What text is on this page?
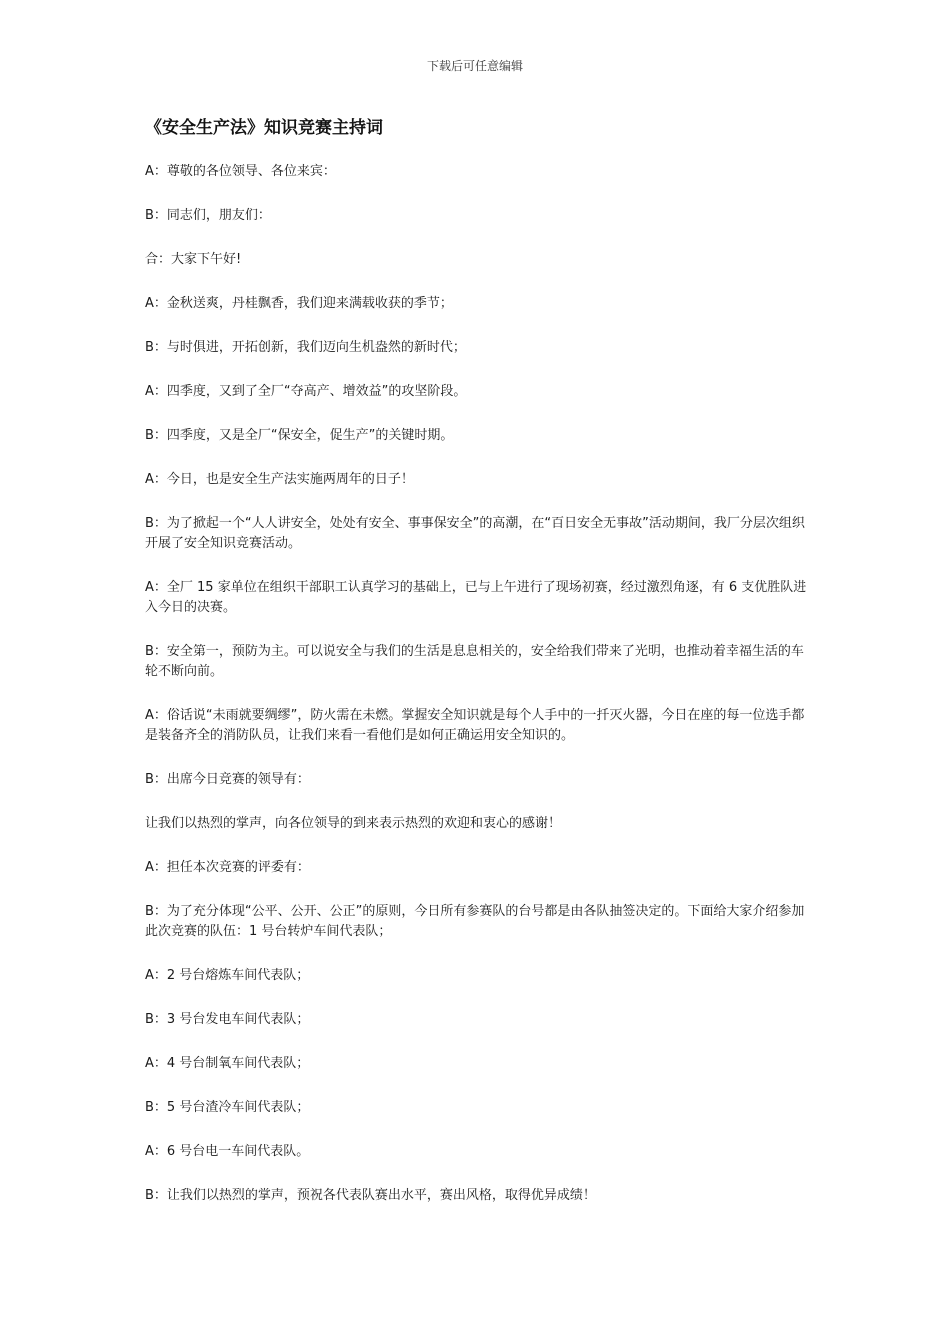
下载后可任意编辑
《安全生产法》知识竞赛主持词

A：尊敬的各位领导、各位来宾：

B：同志们，朋友们：

合：大家下午好!

A：金秋送爽，丹桂飘香，我们迎来满载收获的季节；

B：与时俱进，开拓创新，我们迈向生机盎然的新时代；

A：四季度，又到了全厂“夺高产、增效益”的攻坚阶段。

B：四季度，又是全厂“保安全，促生产”的关键时期。

A：今日，也是安全生产法实施两周年的日子！

B：为了掀起一个“人人讲安全，处处有安全、事事保安全”的高潮，在“百日安全无事故”活动期间，我厂分层次组织开展了安全知识竞赛活动。

A：全厂 15 家单位在组织干部职工认真学习的基础上，已与上午进行了现场初赛，经过激烈角逐，有 6 支优胜队进入今日的决赛。

B：安全第一，预防为主。可以说安全与我们的生活是息息相关的，安全给我们带来了光明，也推动着幸福生活的车轮不断向前。

A：俗话说“未雨就要绸缪”，防火需在未燃。掌握安全知识就是每个人手中的一扦灭火器，今日在座的每一位选手都是装备齐全的消防队员，让我们来看一看他们是如何正确运用安全知识的。

B：出席今日竞赛的领导有：

让我们以热烈的掌声，向各位领导的到来表示热烈的欢迎和衷心的感谢！

A：担任本次竞赛的评委有：

B：为了充分体现“公平、公开、公正”的原则，今日所有参赛队的台号都是由各队抽签决定的。下面给大家介绍参加此次竞赛的队伍：1 号台转炉车间代表队；

A：2 号台熔炼车间代表队；

B：3 号台发电车间代表队；

A：4 号台制氧车间代表队；

B：5 号台渣冷车间代表队；

A：6 号台电一车间代表队。

B：让我们以热烈的掌声，预祝各代表队赛出水平，赛出风格，取得优异成绩！
